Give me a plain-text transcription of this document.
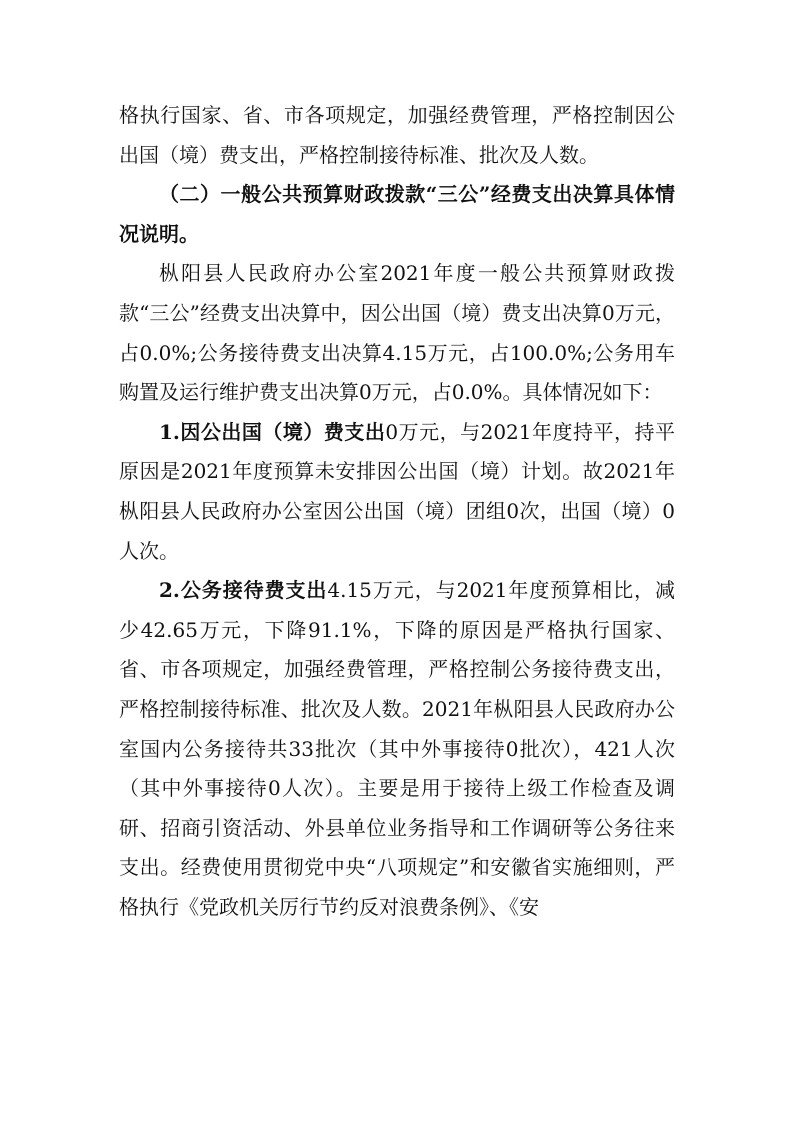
格执行国家、省、市各项规定，加强经费管理，严格控制因公出国（境）费支出，严格控制接待标准、批次及人数。

（二）一般公共预算财政拨款“三公”经费支出决算具体情况说明。

枞阳县人民政府办公室2021年度一般公共预算财政拨款“三公”经费支出决算中，因公出国（境）费支出决算0万元，占0.0%;公务接待费支出决算4.15万元，占100.0%;公务用车购置及运行维护费支出决算0万元，占0.0%。具体情况如下：

1.因公出国（境）费支出0万元，与2021年度持平，持平原因是2021年度预算未安排因公出国（境）计划。故2021年枞阳县人民政府办公室因公出国（境）团组0次，出国（境）0人次。

2.公务接待费支出4.15万元，与2021年度预算相比，减少42.65万元，下降91.1%，下降的原因是严格执行国家、省、市各项规定，加强经费管理，严格控制公务接待费支出，严格控制接待标准、批次及人数。2021年枞阳县人民政府办公室国内公务接待共33批次（其中外事接待0批次），421人次（其中外事接待0人次）。主要是用于接待上级工作检查及调研、招商引资活动、外县单位业务指导和工作调研等公务往来支出。经费使用贯彻党中央“八项规定”和安徽省实施细则，严格执行《党政机关厉行节约反对浪费条例》、《安
